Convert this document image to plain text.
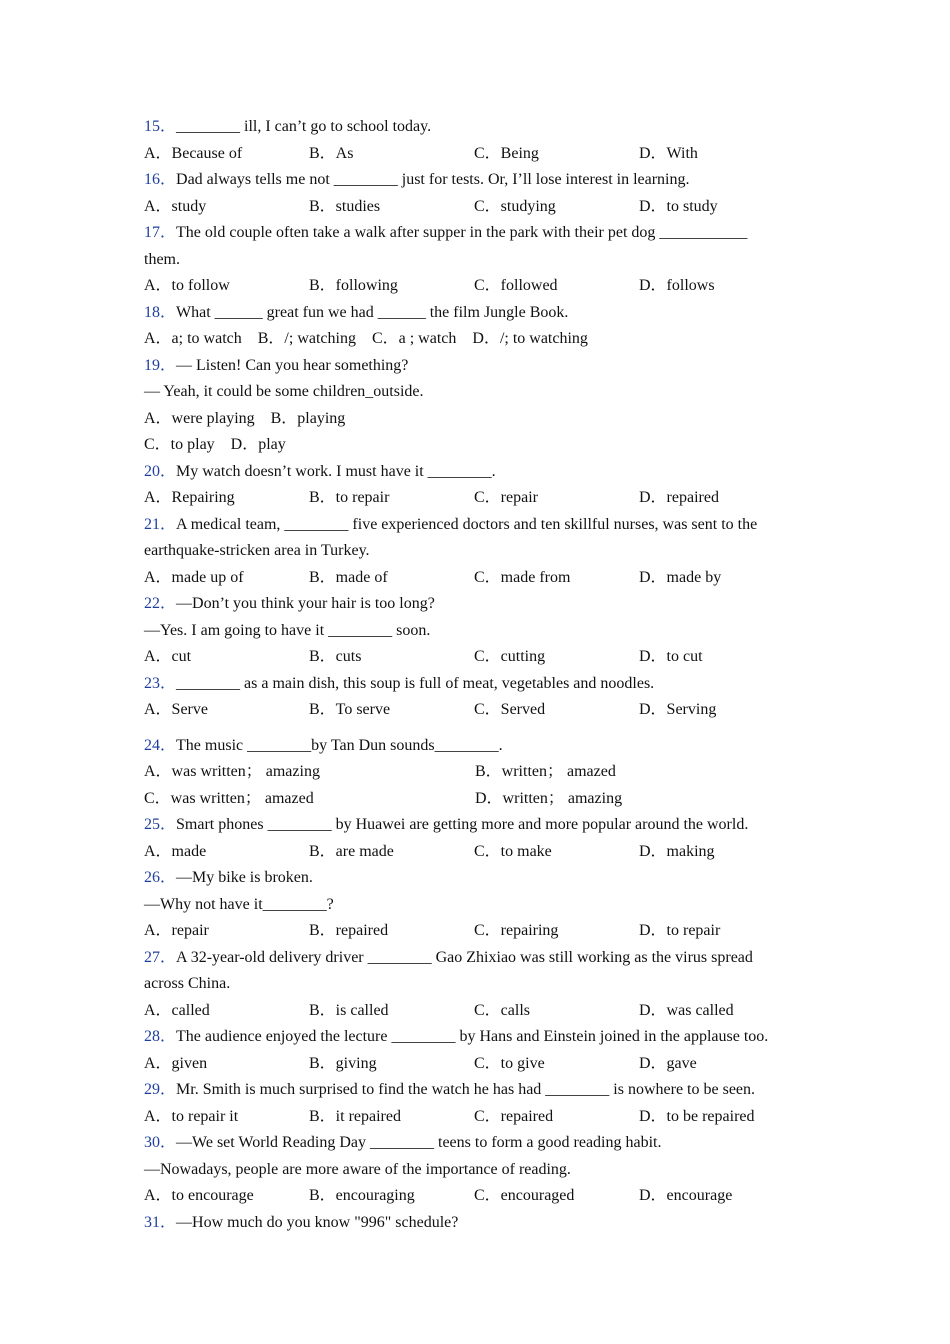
15．________ ill, I can’t go to school today.
A．Because of	B．As	C．Being	D．With
16．Dad always tells me not ________ just for tests. Or, I’ll lose interest in learning.
A．study	B．studies	C．studying	D．to study
17．The old couple often take a walk after supper in the park with their pet dog ___________
them.
A．to follow	B．following	C．followed	D．follows
18．What ______ great fun we had ______ the film Jungle Book.
A．a; to watch    B．/; watching    C．a ; watch    D．/; to watching
19．— Listen! Can you hear something?
— Yeah, it could be some children_outside.
A．were playing    B．playing
C．to play    D．play
20．My watch doesn’t work. I must have it ________.
A．Repairing	B．to repair	C．repair	D．repaired
21．A medical team, ________ five experienced doctors and ten skillful nurses, was sent to the
earthquake-stricken area in Turkey.
A．made up of	B．made of	C．made from	D．made by
22．—Don’t you think your hair is too long?
—Yes. I am going to have it ________ soon.
A．cut	B．cuts	C．cutting	D．to cut
23．________ as a main dish, this soup is full of meat, vegetables and noodles.
A．Serve	B．To serve	C．Served	D．Serving
24．The music ________by Tan Dun sounds________.
A．was written； amazing	B．written； amazed
C．was written； amazed	D．written； amazing
25．Smart phones ________ by Huawei are getting more and more popular around the world.
A．made	B．are made	C．to make	D．making
26．—My bike is broken.
—Why not have it________?
A．repair	B．repaired	C．repairing	D．to repair
27．A 32-year-old delivery driver ________ Gao Zhixiao was still working as the virus spread
across China.
A．called	B．is called	C．calls	D．was called
28．The audience enjoyed the lecture ________ by Hans and Einstein joined in the applause too.
A．given	B．giving	C．to give	D．gave
29．Mr. Smith is much surprised to find the watch he has had ________ is nowhere to be seen.
A．to repair it	B．it repaired	C．repaired	D．to be repaired
30．—We set World Reading Day ________ teens to form a good reading habit.
—Nowadays, people are more aware of the importance of reading.
A．to encourage	B．encouraging	C．encouraged	D．encourage
31．—How much do you know "996" schedule?
